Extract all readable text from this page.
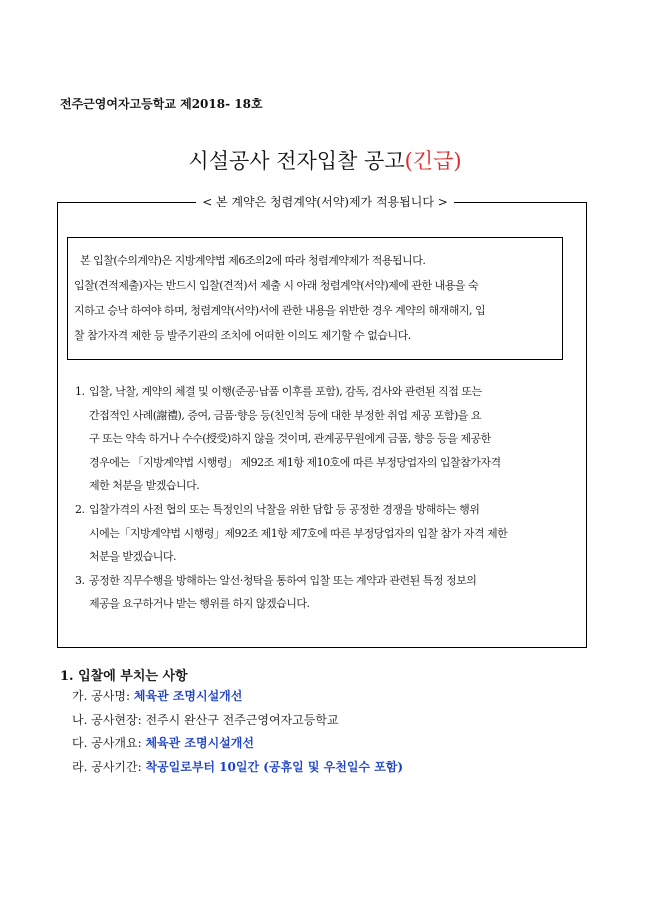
전주근영여자고등학교 제2018- 18호
시설공사 전자입찰 공고(긴급)
< 본 계약은 청렴계약(서약)제가 적용됩니다 >
본 입찰(수의계약)은 지방계약법 제6조의2에 따라 청렴계약제가 적용됩니다.
입찰(견적제출)자는 반드시 입찰(견적)서 제출 시 아래 청렴계약(서약)제에 관한 내용을 숙
지하고 승낙 하여야 하며, 청렴계약(서약)서에 관한 내용을 위반한 경우 계약의 해재해지, 입
찰 참가자격 제한 등 발주기관의 조치에 어떠한 이의도 제기할 수 없습니다.
1. 입찰, 낙찰, 계약의 체결 및 이행(준공·납품 이후를 포함), 감독, 검사와 관련된 직접 또는
간접적인 사례(謝禮), 증여, 금품·향응 등(친인척 등에 대한 부정한 취업 제공 포함)을 요
구 또는 약속 하거나 수수(授受)하지 않을 것이며, 관계공무원에게 금품, 향응 등을 제공한
경우에는 「지방계약법 시행령」 제92조 제1항 제10호에 따른 부정당업자의 입찰참가자격
제한 처분을 받겠습니다.
2. 입찰가격의 사전 협의 또는 특정인의 낙찰을 위한 담합 등 공정한 경쟁을 방해하는 행위
시에는「지방계약법 시행령」제92조 제1항 제7호에 따른 부정당업자의 입찰 참가 자격 제한
처분을 받겠습니다.
3. 공정한 직무수행을 방해하는 알선·청탁을 통하여 입찰 또는 계약과 관련된 특정 정보의
제공을 요구하거나 받는 행위를 하지 않겠습니다.
1. 입찰에 부치는 사항
가. 공사명: 체육관 조명시설개선
나. 공사현장: 전주시 완산구 전주근영여자고등학교
다. 공사개요: 체육관 조명시설개선
라. 공사기간: 착공일로부터 10일간 (공휴일 및 우천일수 포함)
